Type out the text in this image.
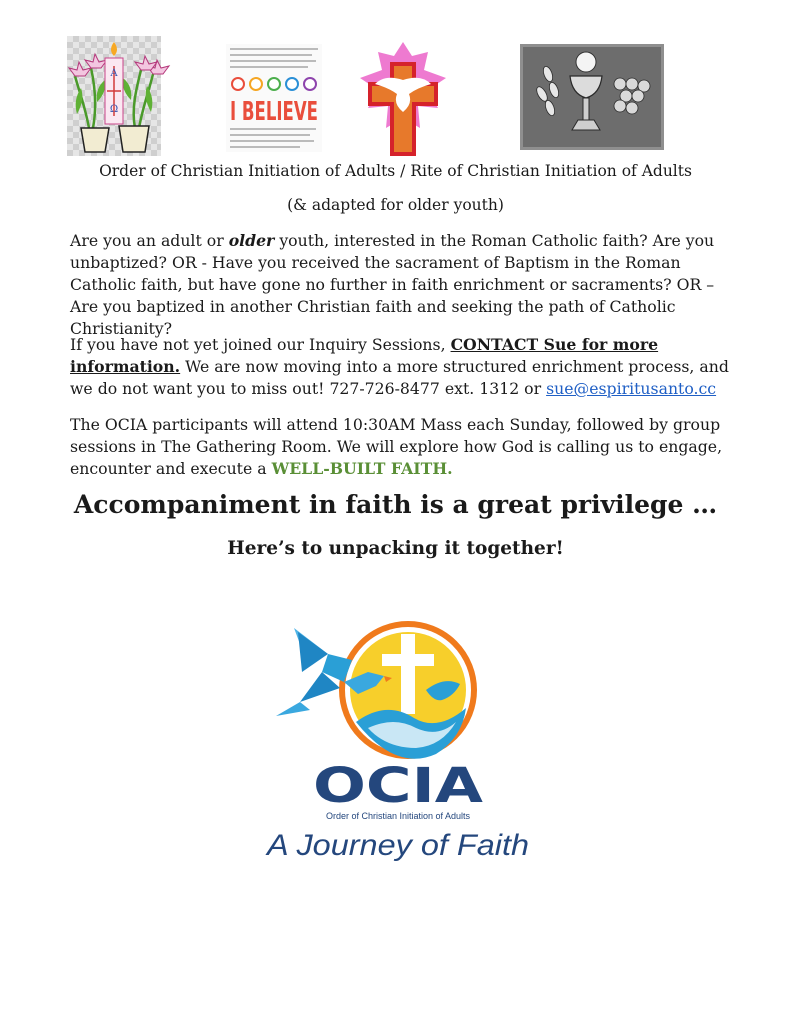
A
Ω	I BELIEVE

Order of Christian Initiation of Adults / Rite of Christian Initiation of Adults

(& adapted for older youth)

Are you an adult or older youth, interested in the Roman Catholic faith? Are you unbaptized? OR - Have you received the sacrament of Baptism in the Roman Catholic faith, but have gone no further in faith enrichment or sacraments? OR – Are you baptized in another Christian faith and seeking the path of Catholic Christianity?

If you have not yet joined our Inquiry Sessions, CONTACT Sue for more information. We are now moving into a more structured enrichment process, and we do not want you to miss out! 727-726-8477 ext. 1312 or sue@espiritusanto.cc

The OCIA participants will attend 10:30AM Mass each Sunday, followed by group sessions in The Gathering Room. We will explore how God is calling us to engage, encounter and execute a WELL-BUILT FAITH.

Accompaniment in faith is a great privilege …
Here’s to unpacking it together!
OCIA
Order of Christian Initiation of Adults
A Journey of Faith
